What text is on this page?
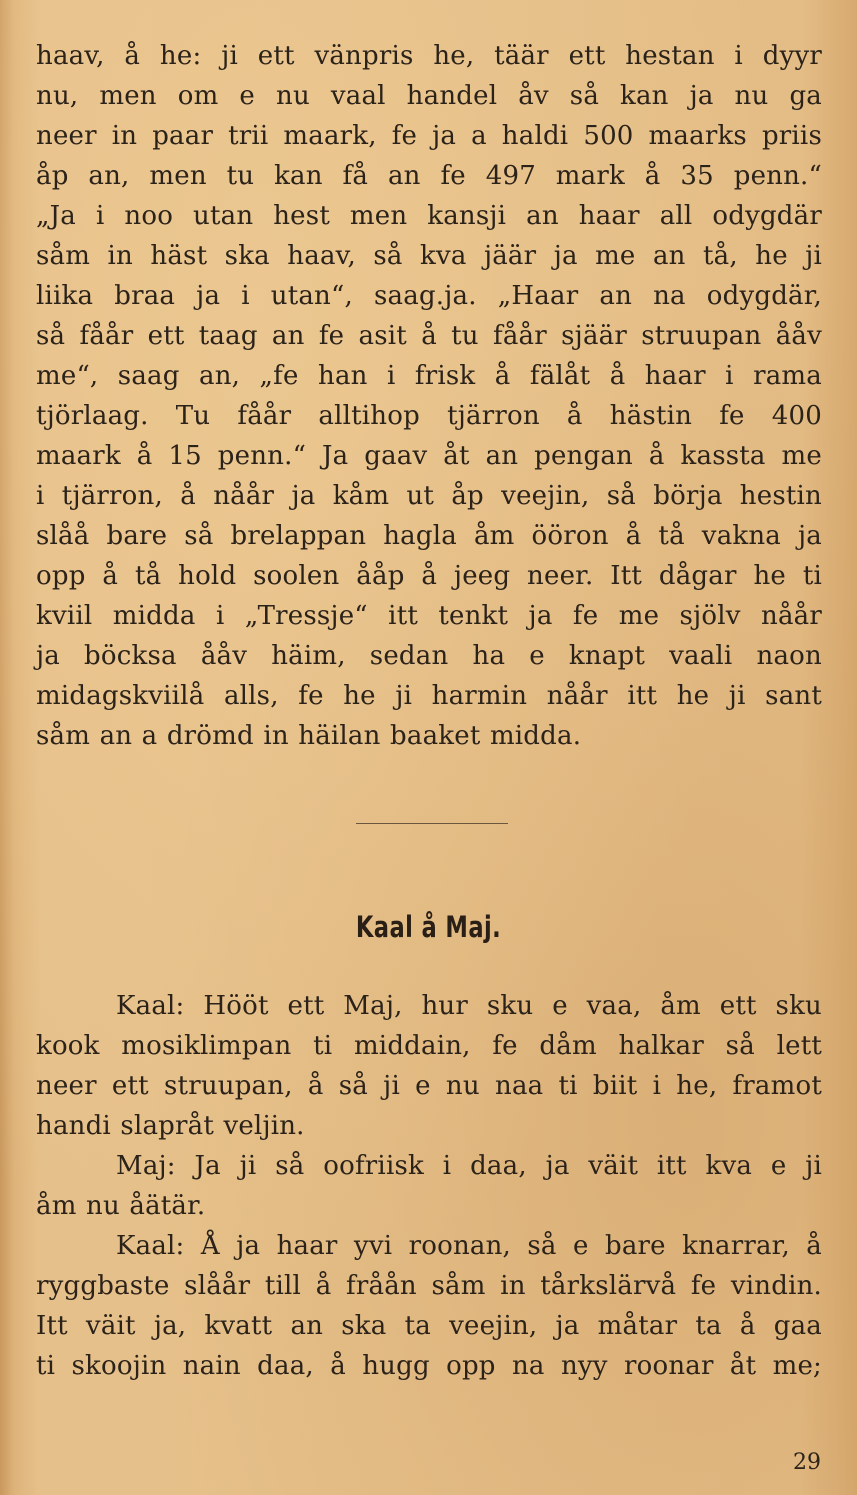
haav, å he: ji ett vänpris he, täär ett hestan i dyyr
nu, men om e nu vaal handel åv så kan ja nu ga
neer in paar trii maark, fe ja a haldi 500 maarks priis
åp an, men tu kan få an fe 497 mark å 35 penn.“
„Ja i noo utan hest men kansji an haar all odygdär
såm in häst ska haav, så kva jäär ja me an tå, he ji
liika braa ja i utan“, saag.ja. „Haar an na odygdär,
så fåår ett taag an fe asit å tu fåår sjäär struupan ååv
me“, saag an, „fe han i frisk å fälåt å haar i rama
tjörlaag. Tu fåår alltihop tjärron å hästin fe 400
maark å 15 penn.“ Ja gaav åt an pengan å kassta me
i tjärron, å nåår ja kåm ut åp veejin, så börja hestin
slåå bare så brelappan hagla åm ööron å tå vakna ja
opp å tå hold soolen ååp å jeeg neer. Itt dågar he ti
kviil midda i „Tressje“ itt tenkt ja fe me sjölv nåår
ja böcksa ååv häim, sedan ha e knapt vaali naon
midagskviilå alls, fe he ji harmin nåår itt he ji sant
såm an a drömd in häilan baaket midda.
Kaal å Maj.
Kaal: Hööt ett Maj, hur sku e vaa, åm ett sku
kook mosiklimpan ti middain, fe dåm halkar så lett
neer ett struupan, å så ji e nu naa ti biit i he, framot
handi slapråt veljin.
Maj: Ja ji så oofriisk i daa, ja väit itt kva e ji
åm nu åätär.
Kaal: Å ja haar yvi roonan, så e bare knarrar, å
ryggbaste slåår till å fråån såm in tårkslärvå fe vindin.
Itt väit ja, kvatt an ska ta veejin, ja måtar ta å gaa
ti skoojin nain daa, å hugg opp na nyy roonar åt me;
29
